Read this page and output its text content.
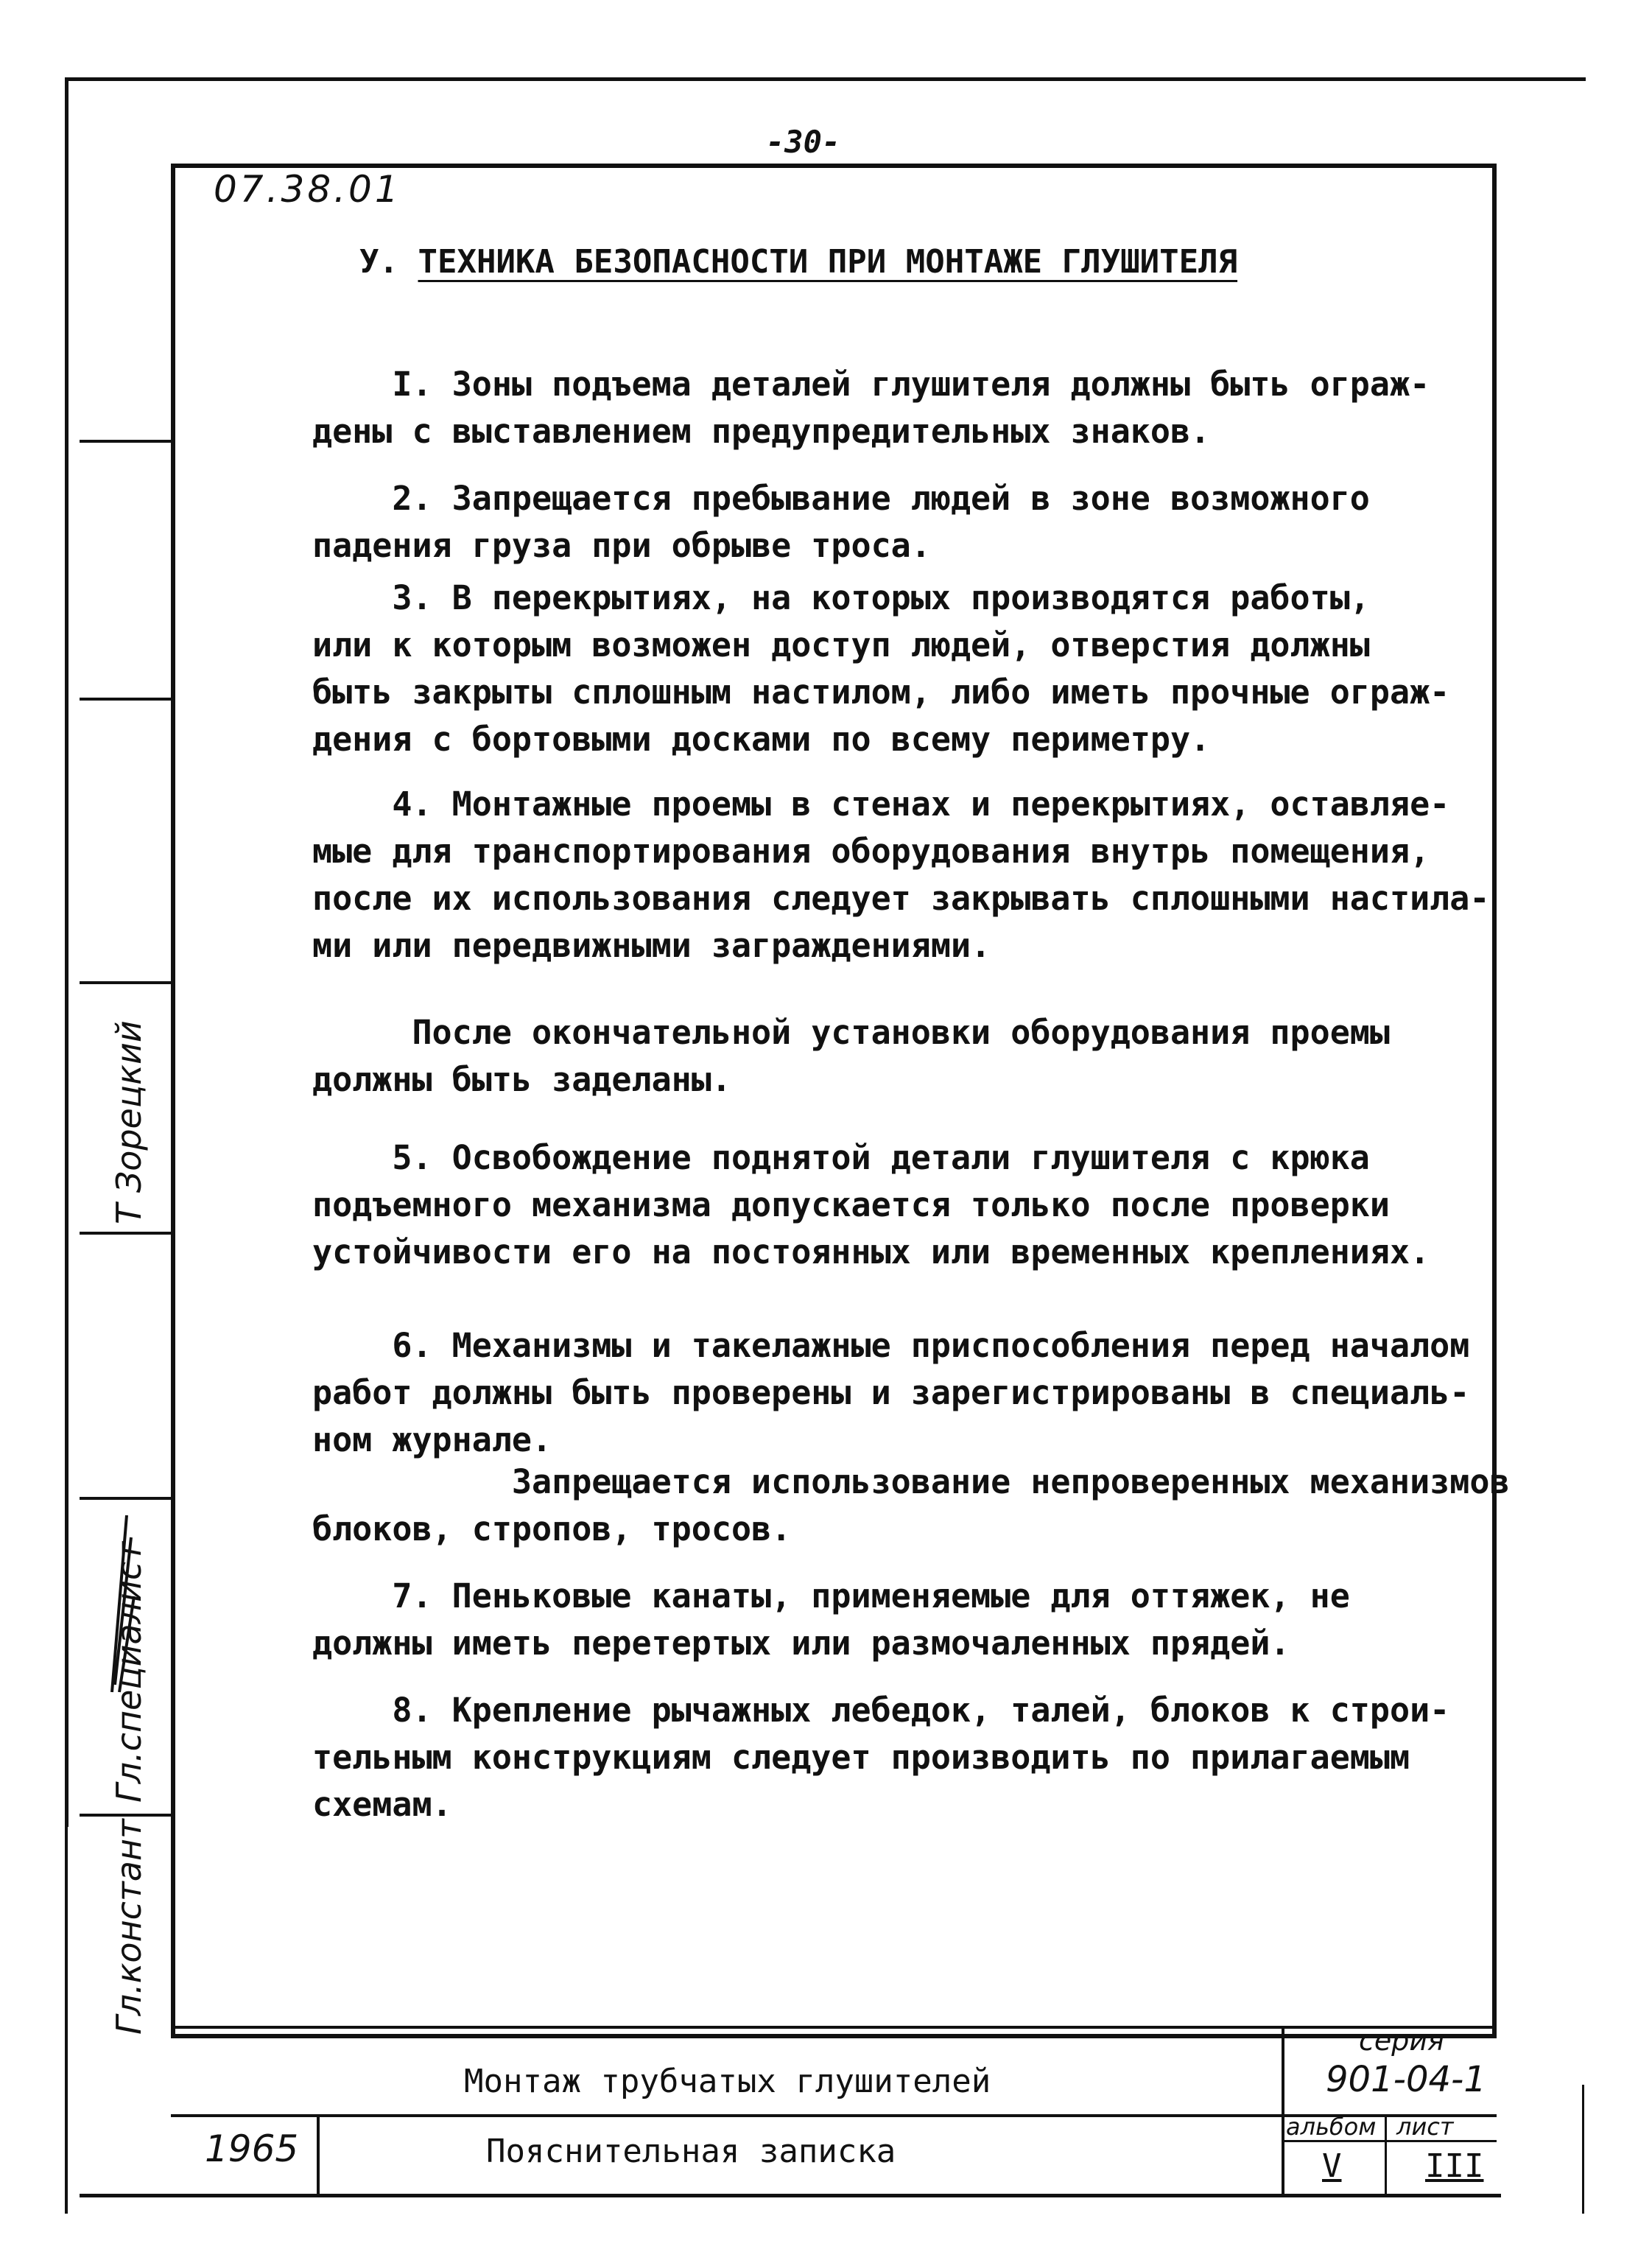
-30-
07.38.01
У. ТЕХНИКА БЕЗОПАСНОСТИ ПРИ МОНТАЖЕ ГЛУШИТЕЛЯ
I. Зоны подъема деталей глушителя должны быть ограж-
дены с выставлением предупредительных знаков.
2. Запрещается пребывание людей в зоне возможного
падения груза при обрыве троса.
3. В перекрытиях, на которых производятся работы,
или к которым возможен доступ людей, отверстия должны
быть закрыты сплошным настилом, либо иметь прочные ограж-
дения с бортовыми досками по всему периметру.
4. Монтажные проемы в стенах и перекрытиях, оставляе-
мые для транспортирования оборудования внутрь помещения,
после их использования следует закрывать сплошными настила-
ми или передвижными заграждениями.
После окончательной установки оборудования проемы
должны быть заделаны.
5. Освобождение поднятой детали глушителя с крюка
подъемного механизма допускается только после проверки
устойчивости его на постоянных или временных креплениях.
6. Механизмы и такелажные приспособления перед началом
работ должны быть проверены и зарегистрированы в специаль-
ном журнале.
Запрещается использование непроверенных механизмов
блоков, стропов, тросов.
7. Пеньковые канаты, применяемые для оттяжек, не
должны иметь перетертых или размочаленных прядей.
8. Крепление рычажных лебедок, талей, блоков к строи-
тельным конструкциям следует производить по прилагаемым
схемам.
Гл.специалист
Т Зорецкий
Гл.констант
Монтаж трубчатых глушителей
Пояснительная записка
1965
серия
901-04-1
альбом лист
V	III
